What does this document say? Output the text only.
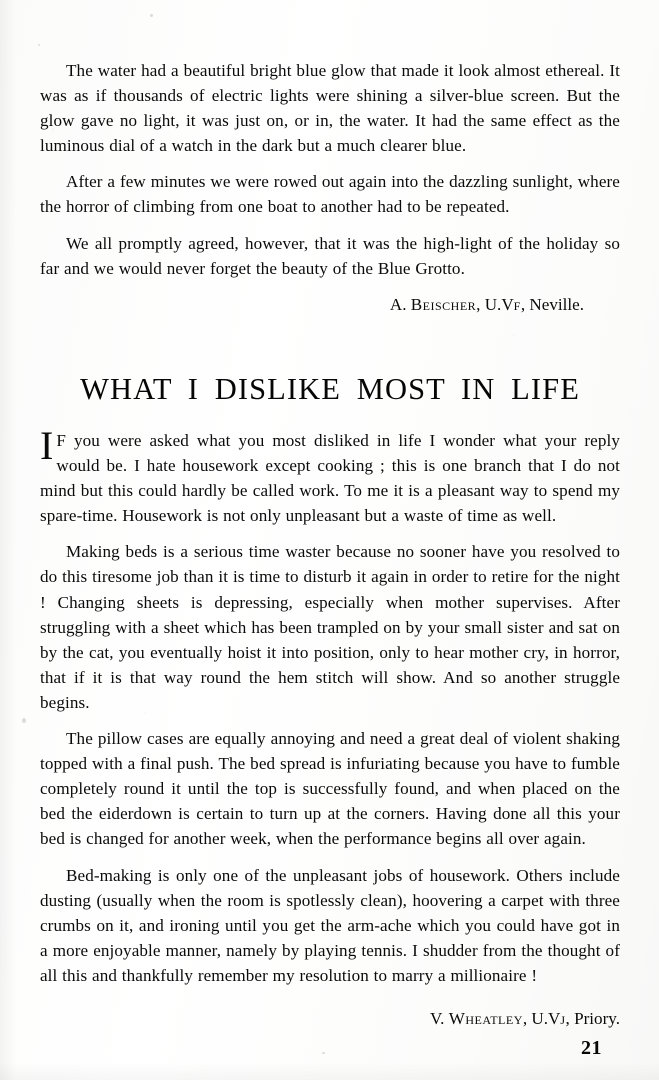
The water had a beautiful bright blue glow that made it look almost ethereal. It was as if thousands of electric lights were shining a silver-blue screen. But the glow gave no light, it was just on, or in, the water. It had the same effect as the luminous dial of a watch in the dark but a much clearer blue.

After a few minutes we were rowed out again into the dazzling sunlight, where the horror of climbing from one boat to another had to be repeated.

We all promptly agreed, however, that it was the high-light of the holiday so far and we would never forget the beauty of the Blue Grotto.

A. Beischer, U.Vf, Neville.

WHAT I DISLIKE MOST IN LIFE

I F you were asked what you most disliked in life I wonder what your reply would be. I hate housework except cooking ; this is one branch that I do not mind but this could hardly be called work. To me it is a pleasant way to spend my spare-time. Housework is not only unpleasant but a waste of time as well.

Making beds is a serious time waster because no sooner have you resolved to do this tiresome job than it is time to disturb it again in order to retire for the night ! Changing sheets is depressing, especially when mother supervises. After struggling with a sheet which has been trampled on by your small sister and sat on by the cat, you eventually hoist it into position, only to hear mother cry, in horror, that if it is that way round the hem stitch will show. And so another struggle begins.

The pillow cases are equally annoying and need a great deal of violent shaking topped with a final push. The bed spread is infuriating because you have to fumble completely round it until the top is successfully found, and when placed on the bed the eiderdown is certain to turn up at the corners. Having done all this your bed is changed for another week, when the performance begins all over again.

Bed-making is only one of the unpleasant jobs of housework. Others include dusting (usually when the room is spotlessly clean), hoovering a carpet with three crumbs on it, and ironing until you get the arm-ache which you could have got in a more enjoyable manner, namely by playing tennis. I shudder from the thought of all this and thankfully remember my resolution to marry a millionaire !

V. Wheatley, U.Vj, Priory.

21
